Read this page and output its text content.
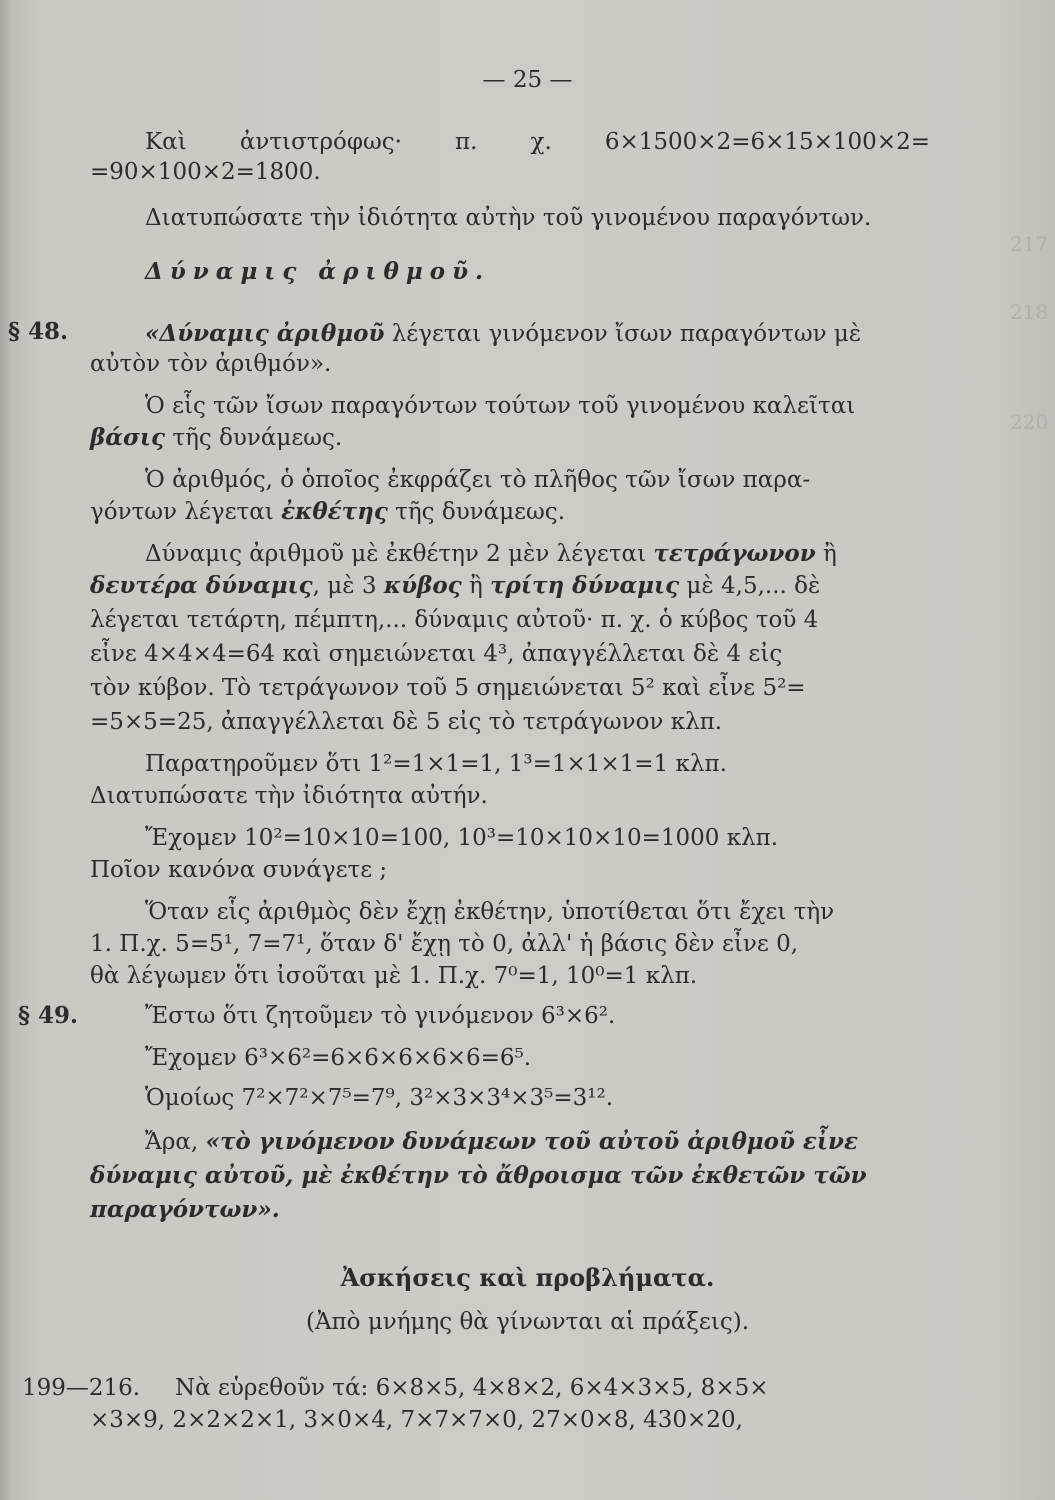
217
218
220
— 25 —
Καὶ ἀντιστρόφως· π. χ. 6×1500×2=6×15×100×2=
=90×100×2=1800.
Διατυπώσατε τὴν ἰδιότητα αὐτὴν τοῦ γινομένου παραγόντων.
Δύναμις ἀριθμοῦ.
§ 48.	«Δύναμις ἀριθμοῦ λέγεται γινόμενον ἴσων παραγόντων μὲ
αὐτὸν τὸν ἀριθμόν».
Ὁ εἷς τῶν ἴσων παραγόντων τούτων τοῦ γινομένου καλεῖται
βάσις τῆς δυνάμεως.
Ὁ ἀριθμός, ὁ ὁποῖος ἐκφράζει τὸ πλῆθος τῶν ἴσων παρα-
γόντων λέγεται ἐκθέτης τῆς δυνάμεως.
Δύναμις ἀριθμοῦ μὲ ἐκθέτην 2 μὲν λέγεται τετράγωνον ἢ
δευτέρα δύναμις, μὲ 3 κύβος ἢ τρίτη δύναμις μὲ 4,5,... δὲ
λέγεται τετάρτη, πέμπτη,... δύναμις αὐτοῦ· π. χ. ὁ κύβος τοῦ 4
εἶνε 4×4×4=64 καὶ σημειώνεται 4³, ἀπαγγέλλεται δὲ 4 εἰς
τὸν κύβον. Τὸ τετράγωνον τοῦ 5 σημειώνεται 5² καὶ εἶνε 5²=
=5×5=25, ἀπαγγέλλεται δὲ 5 εἰς τὸ τετράγωνον κλπ.
Παρατηροῦμεν ὅτι 1²=1×1=1, 1³=1×1×1=1 κλπ.
Διατυπώσατε τὴν ἰδιότητα αὐτήν.
Ἔχομεν 10²=10×10=100, 10³=10×10×10=1000 κλπ.
Ποῖον κανόνα συνάγετε ;
Ὅταν εἷς ἀριθμὸς δὲν ἔχῃ ἐκθέτην, ὑποτίθεται ὅτι ἔχει τὴν
1. Π.χ. 5=5¹, 7=7¹, ὅταν δ' ἔχῃ τὸ 0, ἀλλ' ἡ βάσις δὲν εἶνε 0,
θὰ λέγωμεν ὅτι ἰσοῦται μὲ 1. Π.χ. 7⁰=1, 10⁰=1 κλπ.
§ 49.	Ἔστω ὅτι ζητοῦμεν τὸ γινόμενον 6³×6².
Ἔχομεν 6³×6²=6×6×6×6×6=6⁵.
Ὁμοίως 7²×7²×7⁵=7⁹, 3²×3×3⁴×3⁵=3¹².
Ἄρα, «τὸ γινόμενον δυνάμεων τοῦ αὐτοῦ ἀριθμοῦ εἶνε
δύναμις αὐτοῦ, μὲ ἐκθέτην τὸ ἄθροισμα τῶν ἐκθετῶν τῶν
παραγόντων».
Ἀσκήσεις καὶ προβλήματα.
(Ἀπὸ μνήμης θὰ γίνωνται αἱ πράξεις).
199—216. Νὰ εὑρεθοῦν τά: 6×8×5, 4×8×2, 6×4×3×5, 8×5×
×3×9, 2×2×2×1, 3×0×4, 7×7×7×0, 27×0×8, 430×20,
